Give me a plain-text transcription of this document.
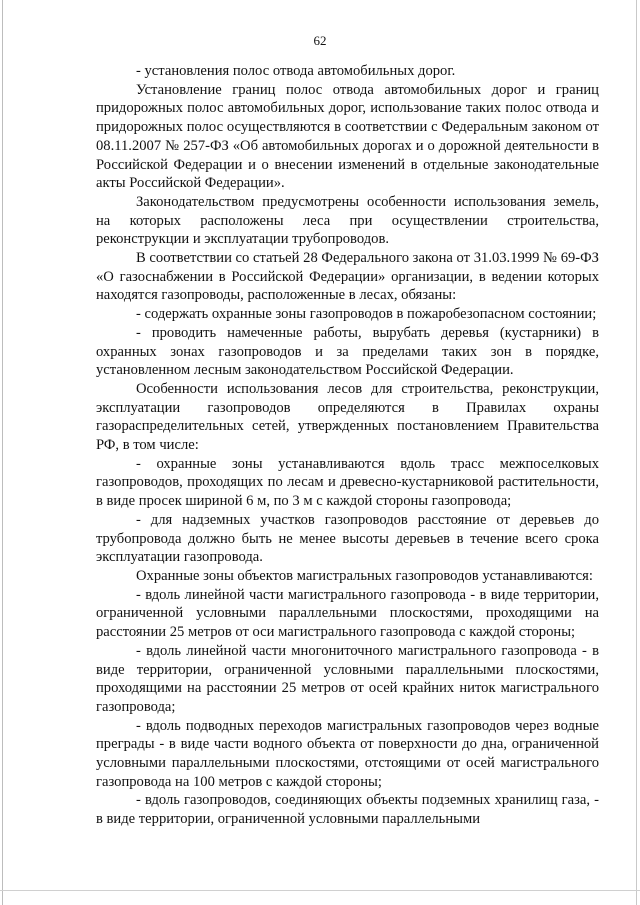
62

- установления полос отвода автомобильных дорог.

Установление границ полос отвода автомобильных дорог и границ придорожных полос автомобильных дорог, использование таких полос отвода и придорожных полос осуществляются в соответствии с Федеральным законом от 08.11.2007 № 257-ФЗ «Об автомобильных дорогах и о дорожной деятельности в Российской Федерации и о внесении изменений в отдельные законодательные акты Российской Федерации».

Законодательством предусмотрены особенности использования земель, на которых расположены леса при осуществлении строительства, реконструкции и эксплуатации трубопроводов.

В соответствии со статьей 28 Федерального закона от 31.03.1999 № 69-ФЗ «О газоснабжении в Российской Федерации» организации, в ведении которых находятся газопроводы, расположенные в лесах, обязаны:

- содержать охранные зоны газопроводов в пожаробезопасном состоянии;

- проводить намеченные работы, вырубать деревья (кустарники) в охранных зонах газопроводов и за пределами таких зон в порядке, установленном лесным законодательством Российской Федерации.

Особенности использования лесов для строительства, реконструкции, эксплуатации газопроводов определяются в Правилах охраны газораспределительных сетей, утвержденных постановлением Правительства РФ, в том числе:

- охранные зоны устанавливаются вдоль трасс межпоселковых газопроводов, проходящих по лесам и древесно-кустарниковой растительности, в виде просек шириной 6 м, по 3 м с каждой стороны газопровода;

- для надземных участков газопроводов расстояние от деревьев до трубопровода должно быть не менее высоты деревьев в течение всего срока эксплуатации газопровода.

Охранные зоны объектов магистральных газопроводов устанавливаются:

- вдоль линейной части магистрального газопровода - в виде территории, ограниченной условными параллельными плоскостями, проходящими на расстоянии 25 метров от оси магистрального газопровода с каждой стороны;

- вдоль линейной части многониточного магистрального газопровода - в виде территории, ограниченной условными параллельными плоскостями, проходящими на расстоянии 25 метров от осей крайних ниток магистрального газопровода;

- вдоль подводных переходов магистральных газопроводов через водные преграды - в виде части водного объекта от поверхности до дна, ограниченной условными параллельными плоскостями, отстоящими от осей магистрального газопровода на 100 метров с каждой стороны;

- вдоль газопроводов, соединяющих объекты подземных хранилищ газа, - в виде территории, ограниченной условными параллельными
